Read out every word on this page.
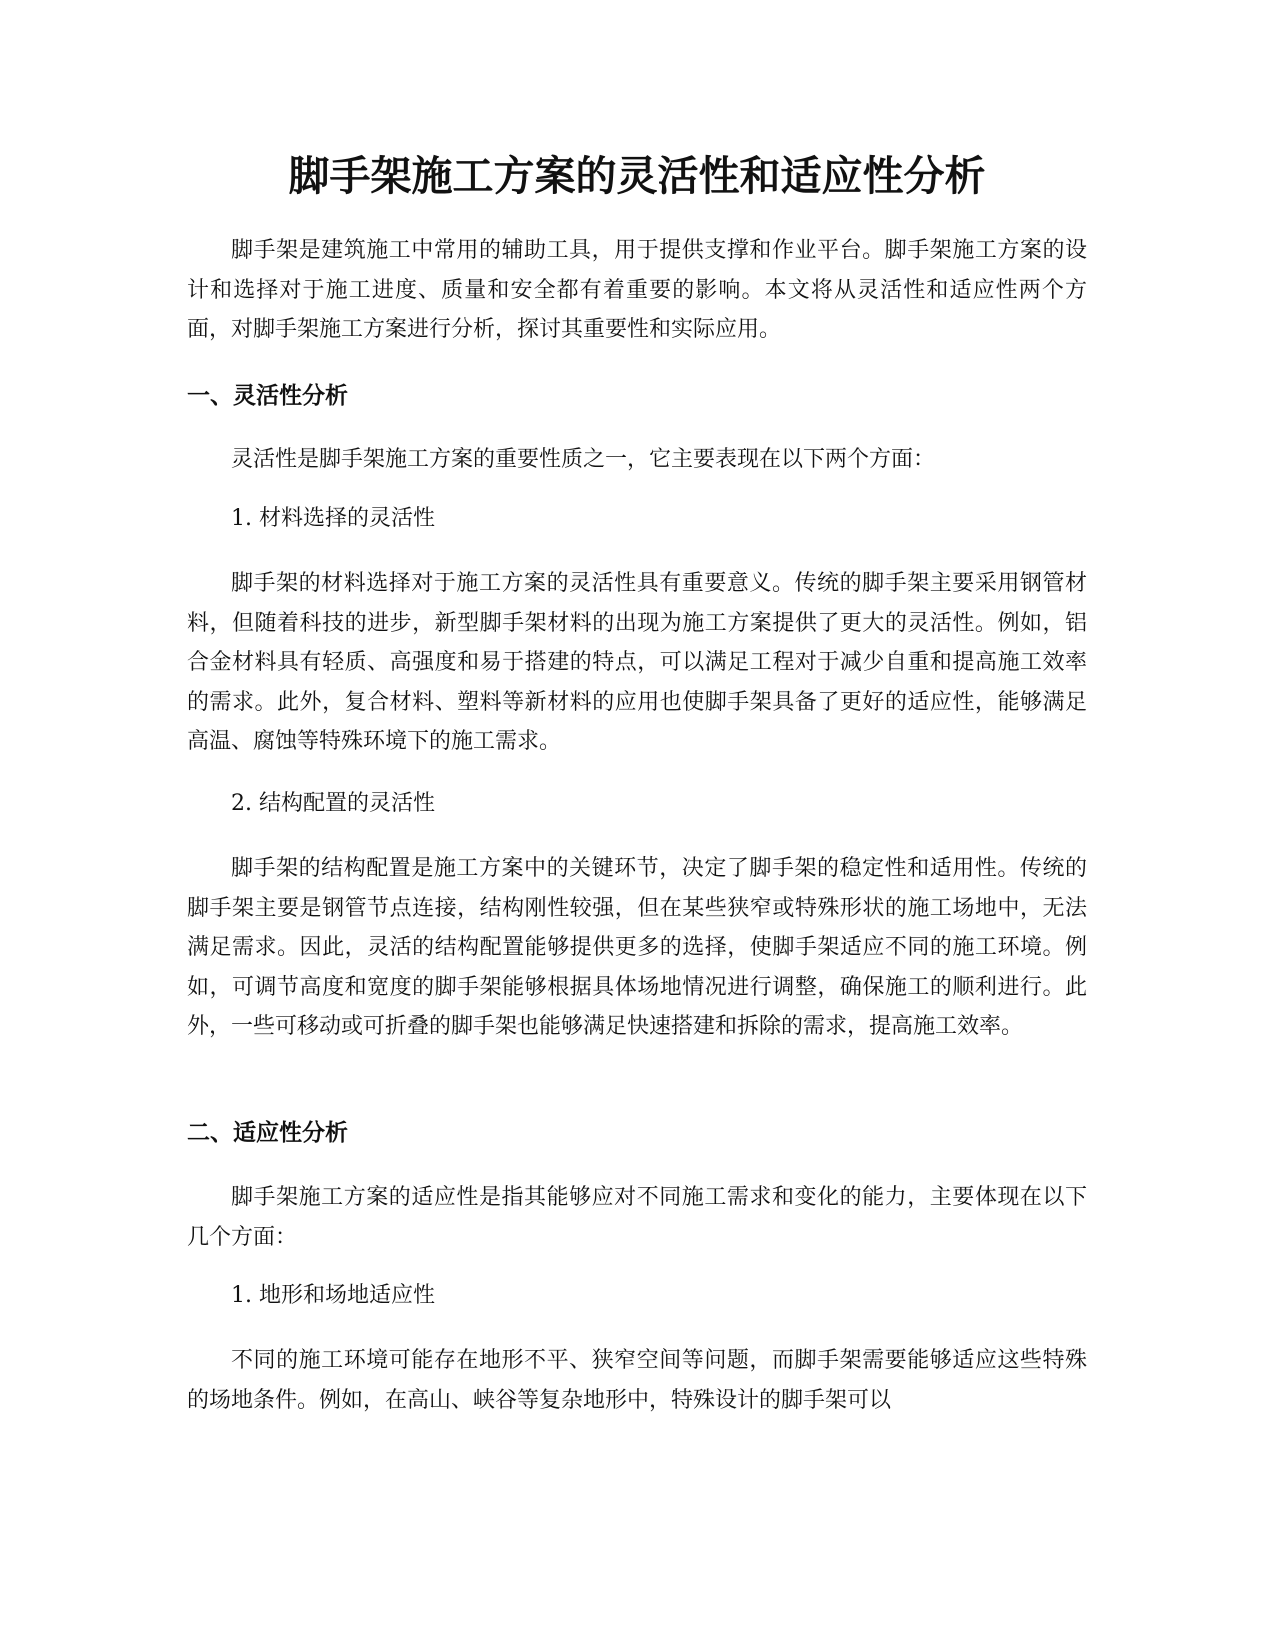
脚手架施工方案的灵活性和适应性分析

脚手架是建筑施工中常用的辅助工具，用于提供支撑和作业平台。脚手架施工方案的设计和选择对于施工进度、质量和安全都有着重要的影响。本文将从灵活性和适应性两个方面，对脚手架施工方案进行分析，探讨其重要性和实际应用。

一、灵活性分析

灵活性是脚手架施工方案的重要性质之一，它主要表现在以下两个方面：

1. 材料选择的灵活性

脚手架的材料选择对于施工方案的灵活性具有重要意义。传统的脚手架主要采用钢管材料，但随着科技的进步，新型脚手架材料的出现为施工方案提供了更大的灵活性。例如，铝合金材料具有轻质、高强度和易于搭建的特点，可以满足工程对于减少自重和提高施工效率的需求。此外，复合材料、塑料等新材料的应用也使脚手架具备了更好的适应性，能够满足高温、腐蚀等特殊环境下的施工需求。

2. 结构配置的灵活性

脚手架的结构配置是施工方案中的关键环节，决定了脚手架的稳定性和适用性。传统的脚手架主要是钢管节点连接，结构刚性较强，但在某些狭窄或特殊形状的施工场地中，无法满足需求。因此，灵活的结构配置能够提供更多的选择，使脚手架适应不同的施工环境。例如，可调节高度和宽度的脚手架能够根据具体场地情况进行调整，确保施工的顺利进行。此外，一些可移动或可折叠的脚手架也能够满足快速搭建和拆除的需求，提高施工效率。

二、适应性分析

脚手架施工方案的适应性是指其能够应对不同施工需求和变化的能力，主要体现在以下几个方面：

1. 地形和场地适应性

不同的施工环境可能存在地形不平、狭窄空间等问题，而脚手架需要能够适应这些特殊的场地条件。例如，在高山、峡谷等复杂地形中，特殊设计的脚手架可以
